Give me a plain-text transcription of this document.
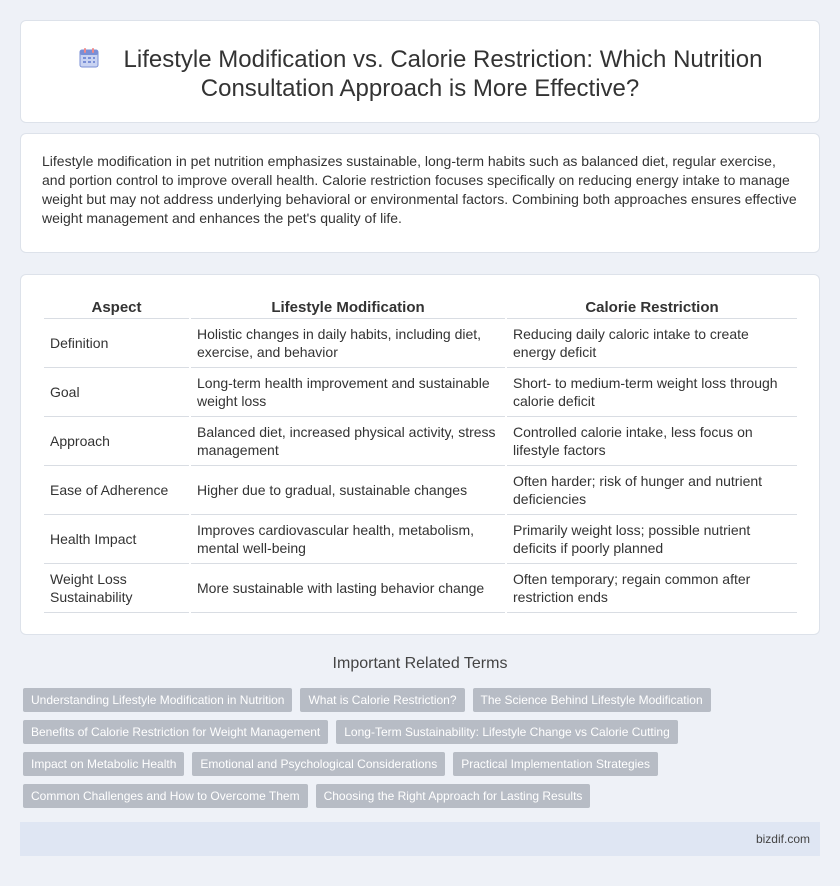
Lifestyle Modification vs. Calorie Restriction: Which Nutrition
Consultation Approach is More Effective?

Lifestyle modification in pet nutrition emphasizes sustainable, long-term habits such as balanced diet, regular exercise, and portion control to improve overall health. Calorie restriction focuses specifically on reducing energy intake to manage weight but may not address underlying behavioral or environmental factors. Combining both approaches ensures effective weight management and enhances the pet's quality of life.

Aspect	Lifestyle Modification	Calorie Restriction
Definition	Holistic changes in daily habits, including diet, exercise, and behavior	Reducing daily caloric intake to create energy deficit
Goal	Long-term health improvement and sustainable weight loss	Short- to medium-term weight loss through calorie deficit
Approach	Balanced diet, increased physical activity, stress management	Controlled calorie intake, less focus on lifestyle factors
Ease of Adherence	Higher due to gradual, sustainable changes	Often harder; risk of hunger and nutrient deficiencies
Health Impact	Improves cardiovascular health, metabolism, mental well-being	Primarily weight loss; possible nutrient deficits if poorly planned
Weight Loss Sustainability	More sustainable with lasting behavior change	Often temporary; regain common after restriction ends
Important Related Terms
Understanding Lifestyle Modification in Nutrition	What is Calorie Restriction?	The Science Behind Lifestyle Modification
Benefits of Calorie Restriction for Weight Management	Long-Term Sustainability: Lifestyle Change vs Calorie Cutting
Impact on Metabolic Health	Emotional and Psychological Considerations	Practical Implementation Strategies
Common Challenges and How to Overcome Them	Choosing the Right Approach for Lasting Results
bizdif.com
